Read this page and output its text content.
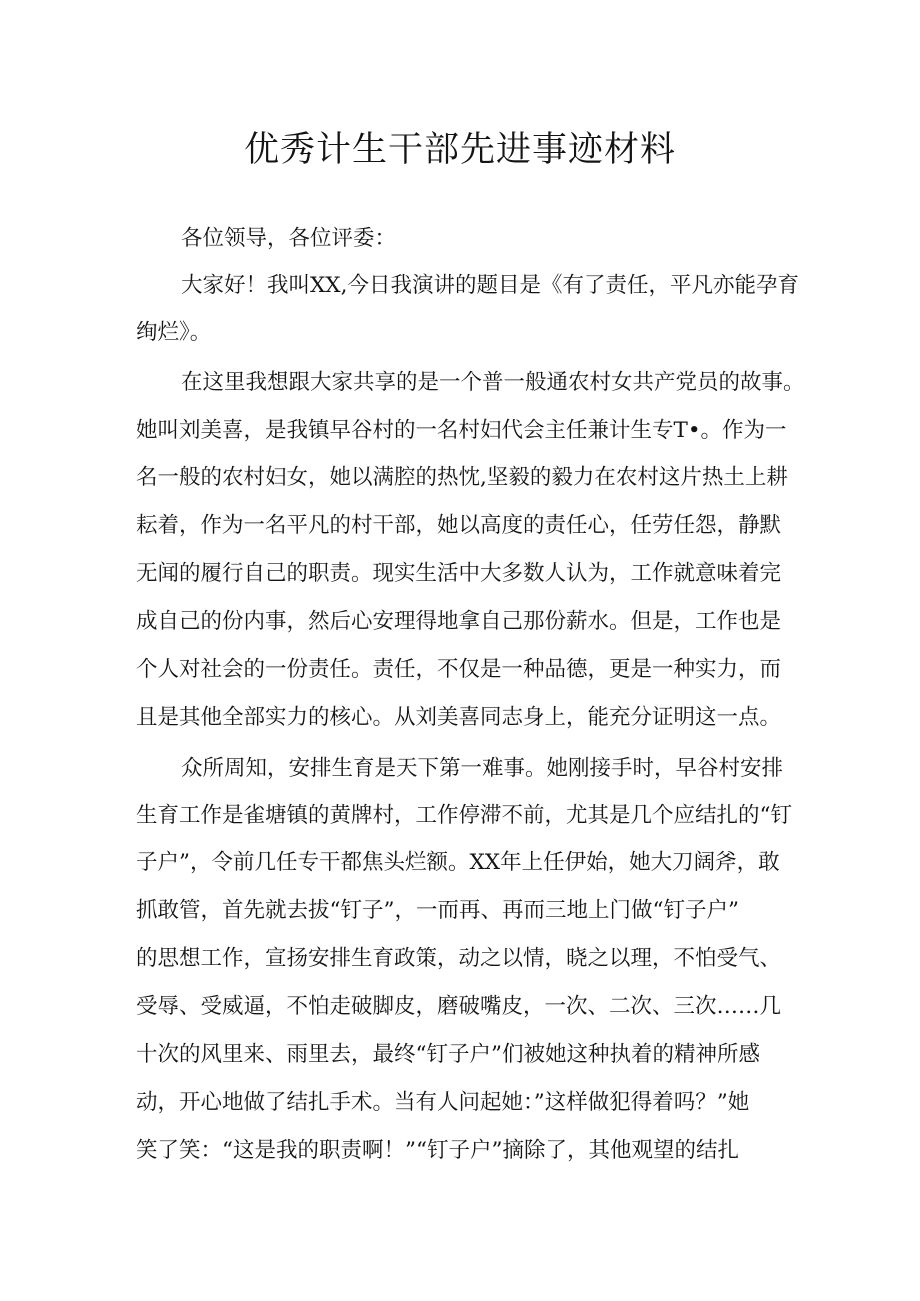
优秀计生干部先进事迹材料
各位领导，各位评委：
大家好！我叫XX,今日我演讲的题目是《有了责任，平凡亦能孕育
绚烂》。
在这里我想跟大家共享的是一个普一般通农村女共产党员的故事。
她叫刘美喜，是我镇早谷村的一名村妇代会主任兼计生专T•。作为一
名一般的农村妇女，她以满腔的热忱,坚毅的毅力在农村这片热土上耕
耘着，作为一名平凡的村干部，她以高度的责任心，任劳任怨，静默
无闻的履行自己的职责。现实生活中大多数人认为，工作就意味着完
成自己的份内事，然后心安理得地拿自己那份薪水。但是，工作也是
个人对社会的一份责任。责任，不仅是一种品德，更是一种实力，而
且是其他全部实力的核心。从刘美喜同志身上，能充分证明这一点。
众所周知，安排生育是天下第一难事。她刚接手时，早谷村安排
生育工作是雀塘镇的黄牌村，工作停滞不前，尤其是几个应结扎的“钉
子户”，令前几任专干都焦头烂额。XX年上任伊始，她大刀阔斧，敢
抓敢管，首先就去拔“钉子”，一而再、再而三地上门做“钉子户”
的思想工作，宣扬安排生育政策，动之以情，晓之以理，不怕受气、
受辱、受威逼，不怕走破脚皮，磨破嘴皮，一次、二次、三次……几
十次的风里来、雨里去，最终“钉子户”们被她这种执着的精神所感
动，开心地做了结扎手术。当有人问起她：”这样做犯得着吗？”她
笑了笑：“这是我的职责啊！”“钉子户”摘除了，其他观望的结扎
